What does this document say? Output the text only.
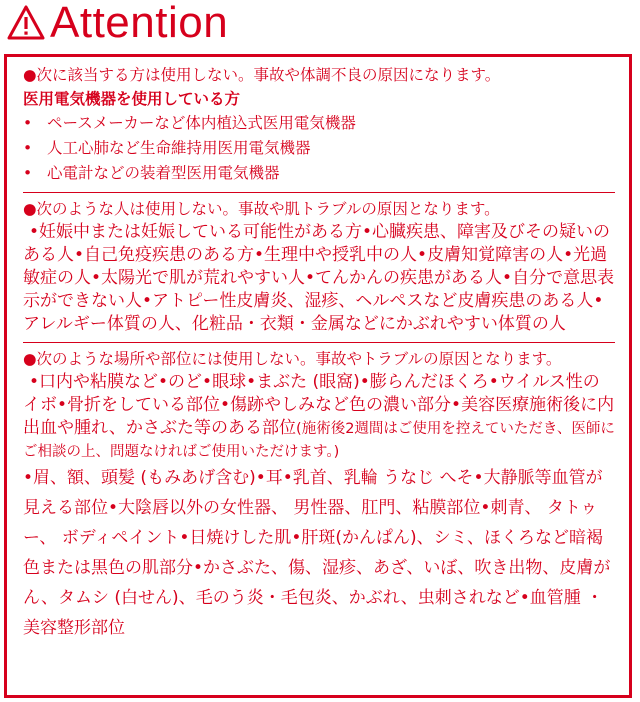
Attention
●次に該当する方は使用しない。事故や体調不良の原因になります。
医用電気機器を使用している方
• ペースメーカーなど体内植込式医用電気機器
• 人工心肺など生命維持用医用電気機器
• 心電計などの装着型医用電気機器
●次のような人は使用しない。事故や肌トラブルの原因となります。
•妊娠中または妊娠している可能性がある方•心臓疾患、障害及びその疑いのある人•自己免疫疾患のある方•生理中や授乳中の人•皮膚知覚障害の人•光過敏症の人•太陽光で肌が荒れやすい人•てんかんの疾患がある人•自分で意思表示ができない人•アトピー性皮膚炎、湿疹、ヘルペスなど皮膚疾患のある人•アレルギー体質の人、化粧品・衣類・金属などにかぶれやすい体質の人
●次のような場所や部位には使用しない。事故やトラブルの原因となります。
•口内や粘膜など•のど•眼球•まぶた (眼窩)•膨らんだほくろ•ウイルス性のイボ•骨折をしている部位•傷跡やしみなど色の濃い部分•美容医療施術後に内出血や腫れ、かさぶた等のある部位(施術後2週間はご使用を控えていただき、医師にご相談の上、問題なければご使用いただけます。)
•眉、額、頭髪 (もみあげ含む)•耳•乳首、乳輪 うなじ へそ•大静脈等血管が見える部位•大陰唇以外の女性器、 男性器、肛門、粘膜部位•刺青、 タトゥー、 ボディペイント•日焼けした肌•肝斑(かんぱん)、シミ、ほくろなど暗褐色または黒色の肌部分•かさぶた、傷、湿疹、あざ、いぼ、吹き出物、皮膚がん、タムシ (白せん)、毛のう炎・毛包炎、かぶれ、虫刺されなど•血管腫 ・美容整形部位
